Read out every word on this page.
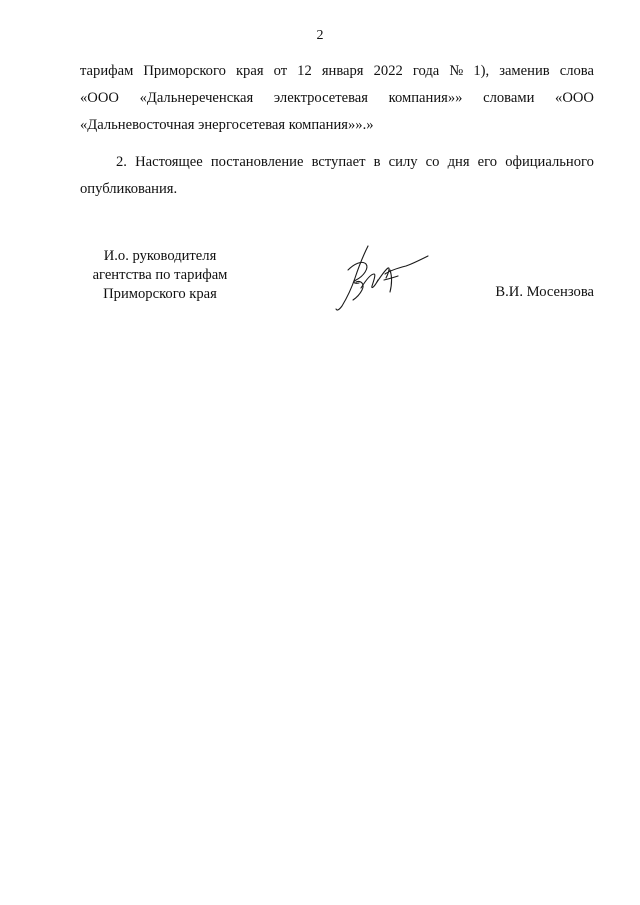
2
тарифам Приморского края от 12 января 2022 года № 1), заменив слова
«ООО «Дальнереченская электросетевая компания»» словами «ООО
«Дальневосточная энергосетевая компания»».»
2. Настоящее постановление вступает в силу со дня его официального
опубликования.
И.о. руководителя
агентства по тарифам
Приморского края	В.И. Мосензова
